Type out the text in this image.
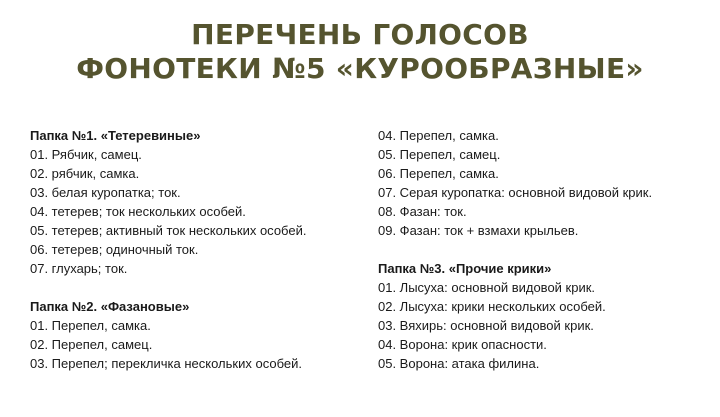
ПЕРЕЧЕНЬ ГОЛОСОВ
ФОНОТЕКИ №5 «КУРООБРАЗНЫЕ»
Папка №1. «Тетеревиные»
01. Рябчик, самец.
02. рябчик, самка.
03. белая куропатка; ток.
04. тетерев; ток нескольких особей.
05. тетерев; активный ток нескольких особей.
06. тетерев; одиночный ток.
07. глухарь; ток.
Папка №2. «Фазановые»
01. Перепел, самка.
02. Перепел, самец.
03. Перепел; перекличка нескольких особей.
04. Перепел, самка.
05. Перепел, самец.
06. Перепел, самка.
07. Серая куропатка: основной видовой крик.
08. Фазан: ток.
09. Фазан: ток + взмахи крыльев.
Папка №3. «Прочие крики»
01. Лысуха: основной видовой крик.
02. Лысуха: крики нескольких особей.
03. Вяхирь: основной видовой крик.
04. Ворона: крик опасности.
05. Ворона: атака филина.
